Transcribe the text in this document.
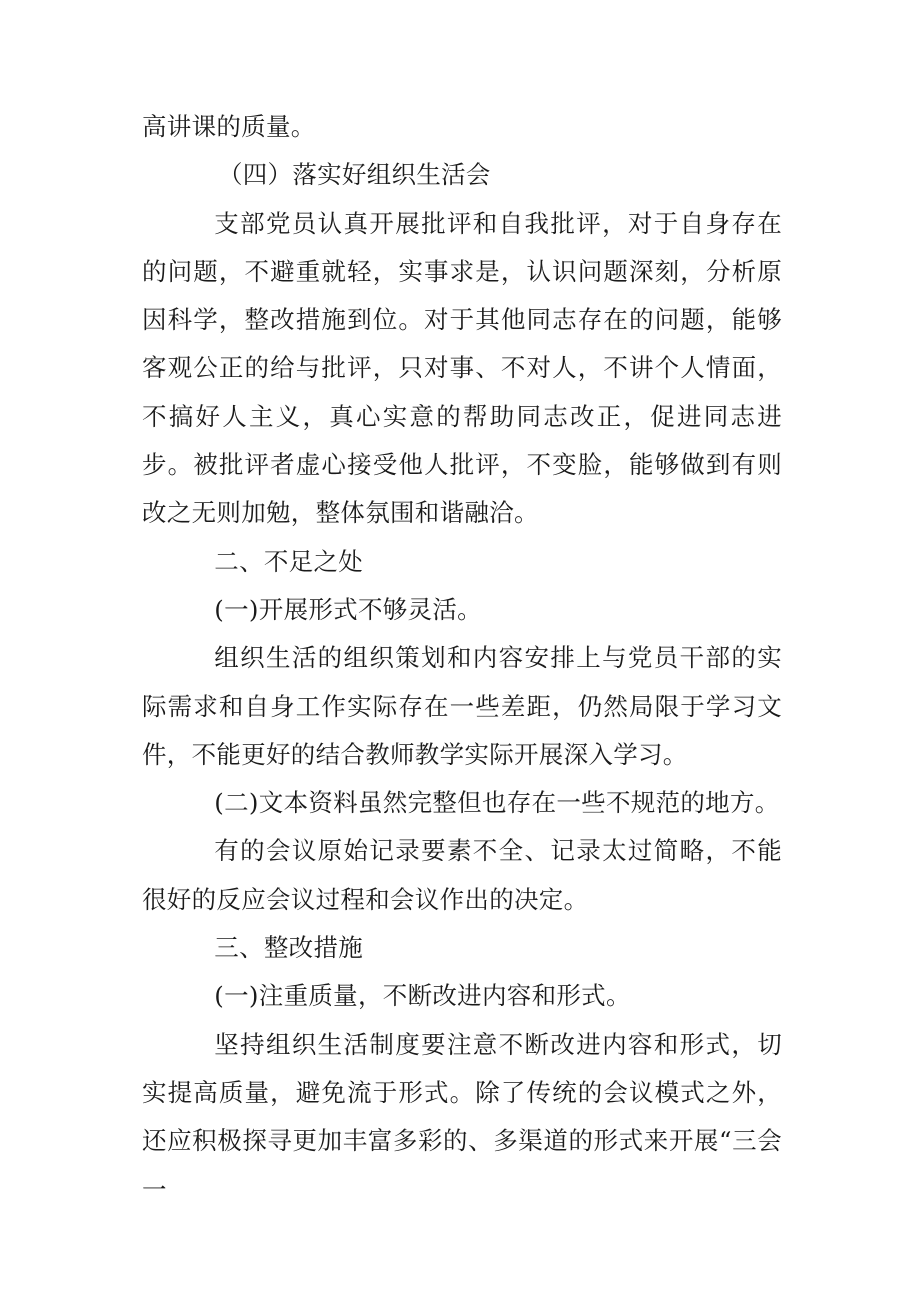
高讲课的质量。

（四）落实好组织生活会

支部党员认真开展批评和自我批评，对于自身存在的问题，不避重就轻，实事求是，认识问题深刻，分析原因科学，整改措施到位。对于其他同志存在的问题，能够客观公正的给与批评，只对事、不对人，不讲个人情面，不搞好人主义，真心实意的帮助同志改正，促进同志进步。被批评者虚心接受他人批评，不变脸，能够做到有则改之无则加勉，整体氛围和谐融洽。

二、不足之处

(一)开展形式不够灵活。

组织生活的组织策划和内容安排上与党员干部的实际需求和自身工作实际存在一些差距，仍然局限于学习文件，不能更好的结合教师教学实际开展深入学习。

(二)文本资料虽然完整但也存在一些不规范的地方。

有的会议原始记录要素不全、记录太过简略，不能很好的反应会议过程和会议作出的决定。

三、整改措施

(一)注重质量，不断改进内容和形式。

坚持组织生活制度要注意不断改进内容和形式，切实提高质量，避免流于形式。除了传统的会议模式之外，还应积极探寻更加丰富多彩的、多渠道的形式来开展“三会一
